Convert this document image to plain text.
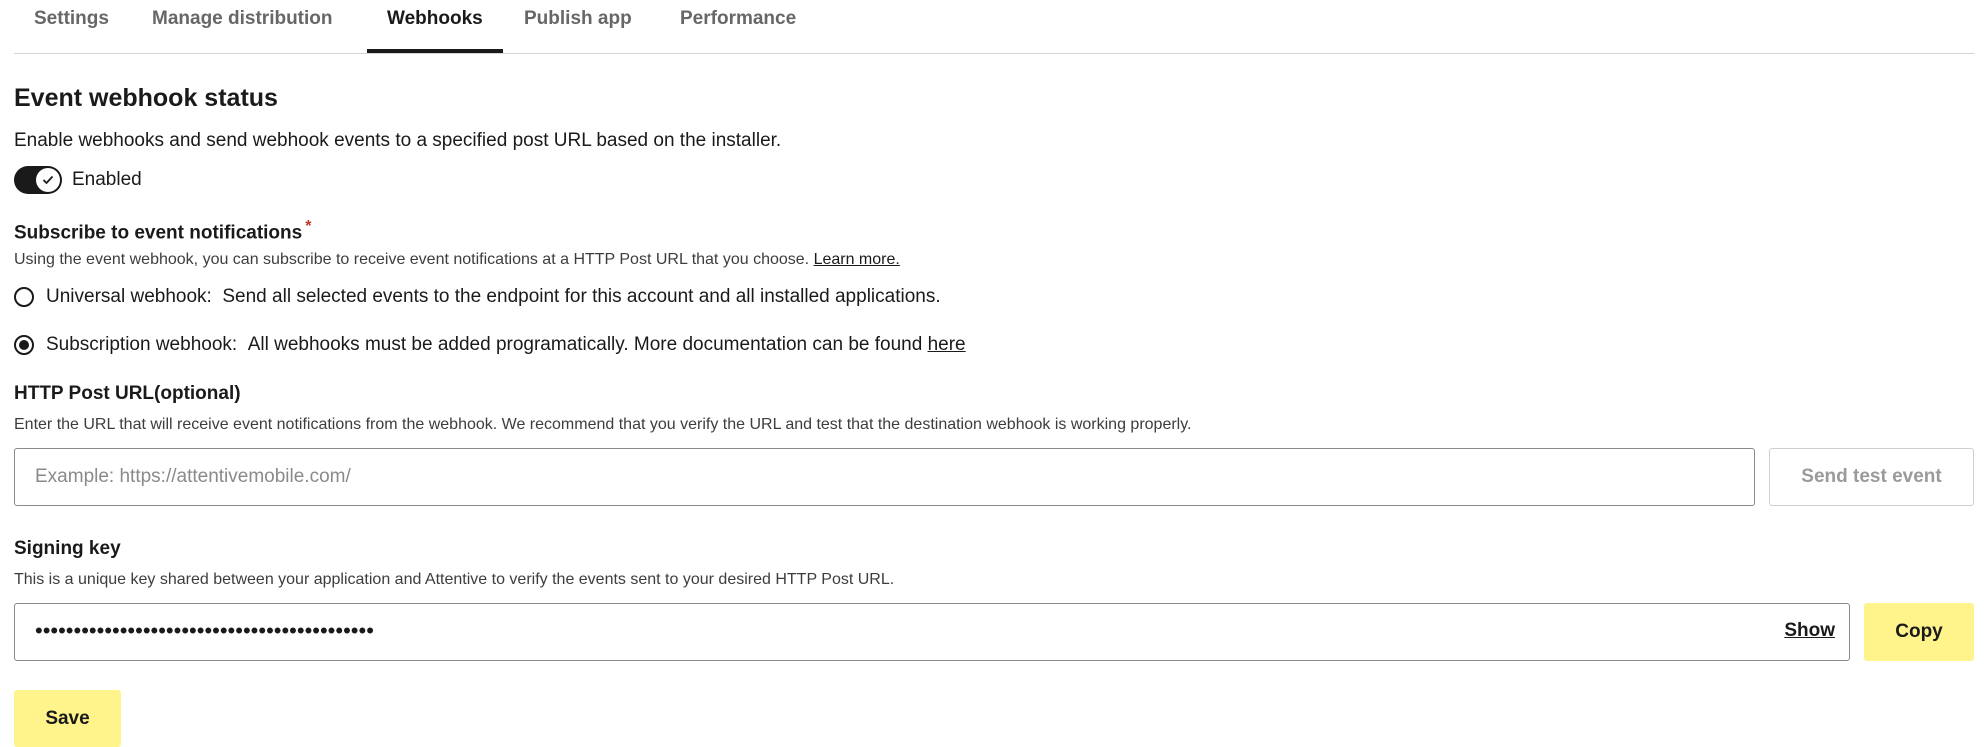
Settings	Manage distribution	Webhooks	Publish app	Performance
Event webhook status
Enable webhooks and send webhook events to a specified post URL based on the installer.
Enabled
Subscribe to event notifications *
Using the event webhook, you can subscribe to receive event notifications at a HTTP Post URL that you choose. Learn more.
Universal webhook:
Send all selected events to the endpoint for this account and all installed applications.
Subscription webhook:
All webhooks must be added programatically. More documentation can be found
here
HTTP Post URL(optional)
Enter the URL that will receive event notifications from the webhook. We recommend that you verify the URL and test that the destination webhook is working properly.
Example: https://attentivemobile.com/
Send test event
Signing key
This is a unique key shared between your application and Attentive to verify the events sent to your desired HTTP Post URL.
••••••••••••••••••••••••••••••••••••••••••••	Show	Copy
Save
